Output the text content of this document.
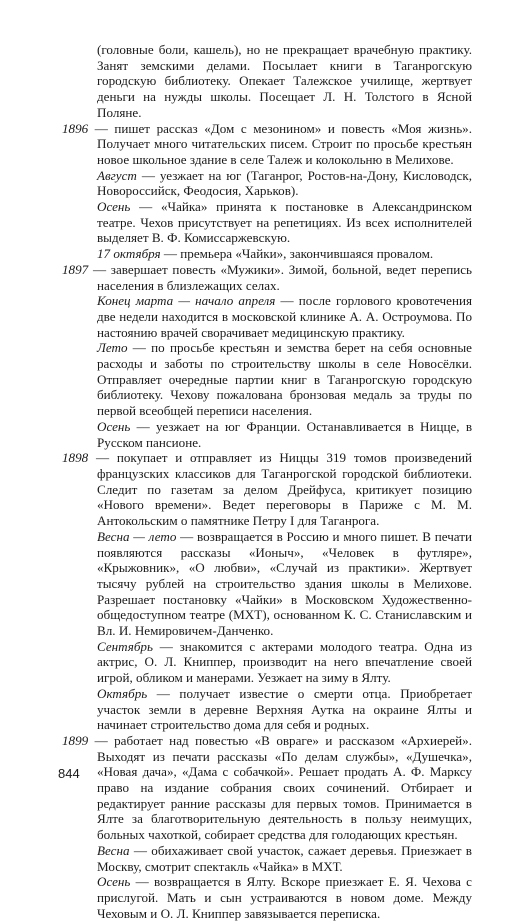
(головные боли, кашель), но не прекращает врачебную практику. Занят земскими делами. Посылает книги в Таганрогскую городскую библиотеку. Опекает Талежское училище, жертвует деньги на нужды школы. Посещает Л. Н. Толстого в Ясной Поляне.

1896 — пишет рассказ «Дом с мезонином» и повесть «Моя жизнь». Получает много читательских писем. Строит по просьбе крестьян новое школьное здание в селе Талеж и колокольню в Мелихове.

Август — уезжает на юг (Таганрог, Ростов-на-Дону, Кисловодск, Новороссийск, Феодосия, Харьков).

Осень — «Чайка» принята к постановке в Александринском театре. Чехов присутствует на репетициях. Из всех исполнителей выделяет В. Ф. Комиссаржевскую.

17 октября — премьера «Чайки», закончившаяся провалом.

1897 — завершает повесть «Мужики». Зимой, больной, ведет перепись населения в близлежащих селах.

Конец марта — начало апреля — после горлового кровотечения две недели находится в московской клинике А. А. Остроумова. По настоянию врачей сворачивает медицинскую практику.

Лето — по просьбе крестьян и земства берет на себя основные расходы и заботы по строительству школы в селе Новосёлки. Отправляет очередные партии книг в Таганрогскую городскую библиотеку. Чехову пожалована бронзовая медаль за труды по первой всеобщей переписи населения.

Осень — уезжает на юг Франции. Останавливается в Ницце, в Русском пансионе.

1898 — покупает и отправляет из Ниццы 319 томов произведений французских классиков для Таганрогской городской библиотеки. Следит по газетам за делом Дрейфуса, критикует позицию «Нового времени». Ведет переговоры в Париже с М. М. Антокольским о памятнике Петру I для Таганрога.

Весна — лето — возвращается в Россию и много пишет. В печати появляются рассказы «Ионыч», «Человек в футляре», «Крыжовник», «О любви», «Случай из практики». Жертвует тысячу рублей на строительство здания школы в Мелихове. Разрешает постановку «Чайки» в Московском Художественно-общедоступном театре (МХТ), основанном К. С. Станиславским и Вл. И. Немировичем-Данченко.

Сентябрь — знакомится с актерами молодого театра. Одна из актрис, О. Л. Книппер, производит на него впечатление своей игрой, обликом и манерами. Уезжает на зиму в Ялту.

Октябрь — получает известие о смерти отца. Приобретает участок земли в деревне Верхняя Аутка на окраине Ялты и начинает строительство дома для себя и родных.

1899 — работает над повестью «В овраге» и рассказом «Архиерей». Выходят из печати рассказы «По делам службы», «Душечка», «Новая дача», «Дама с собачкой». Решает продать А. Ф. Марксу право на издание собрания своих сочинений. Отбирает и редактирует ранние рассказы для первых томов. Принимается в Ялте за благотворительную деятельность в пользу неимущих, больных чахоткой, собирает средства для голодающих крестьян.

Весна — обихаживает свой участок, сажает деревья. Приезжает в Москву, смотрит спектакль «Чайка» в МХТ.

Осень — возвращается в Ялту. Вскоре приезжает Е. Я. Чехова с прислугой. Мать и сын устраиваются в новом доме. Между Чеховым и О. Л. Книппер завязывается переписка.

844
